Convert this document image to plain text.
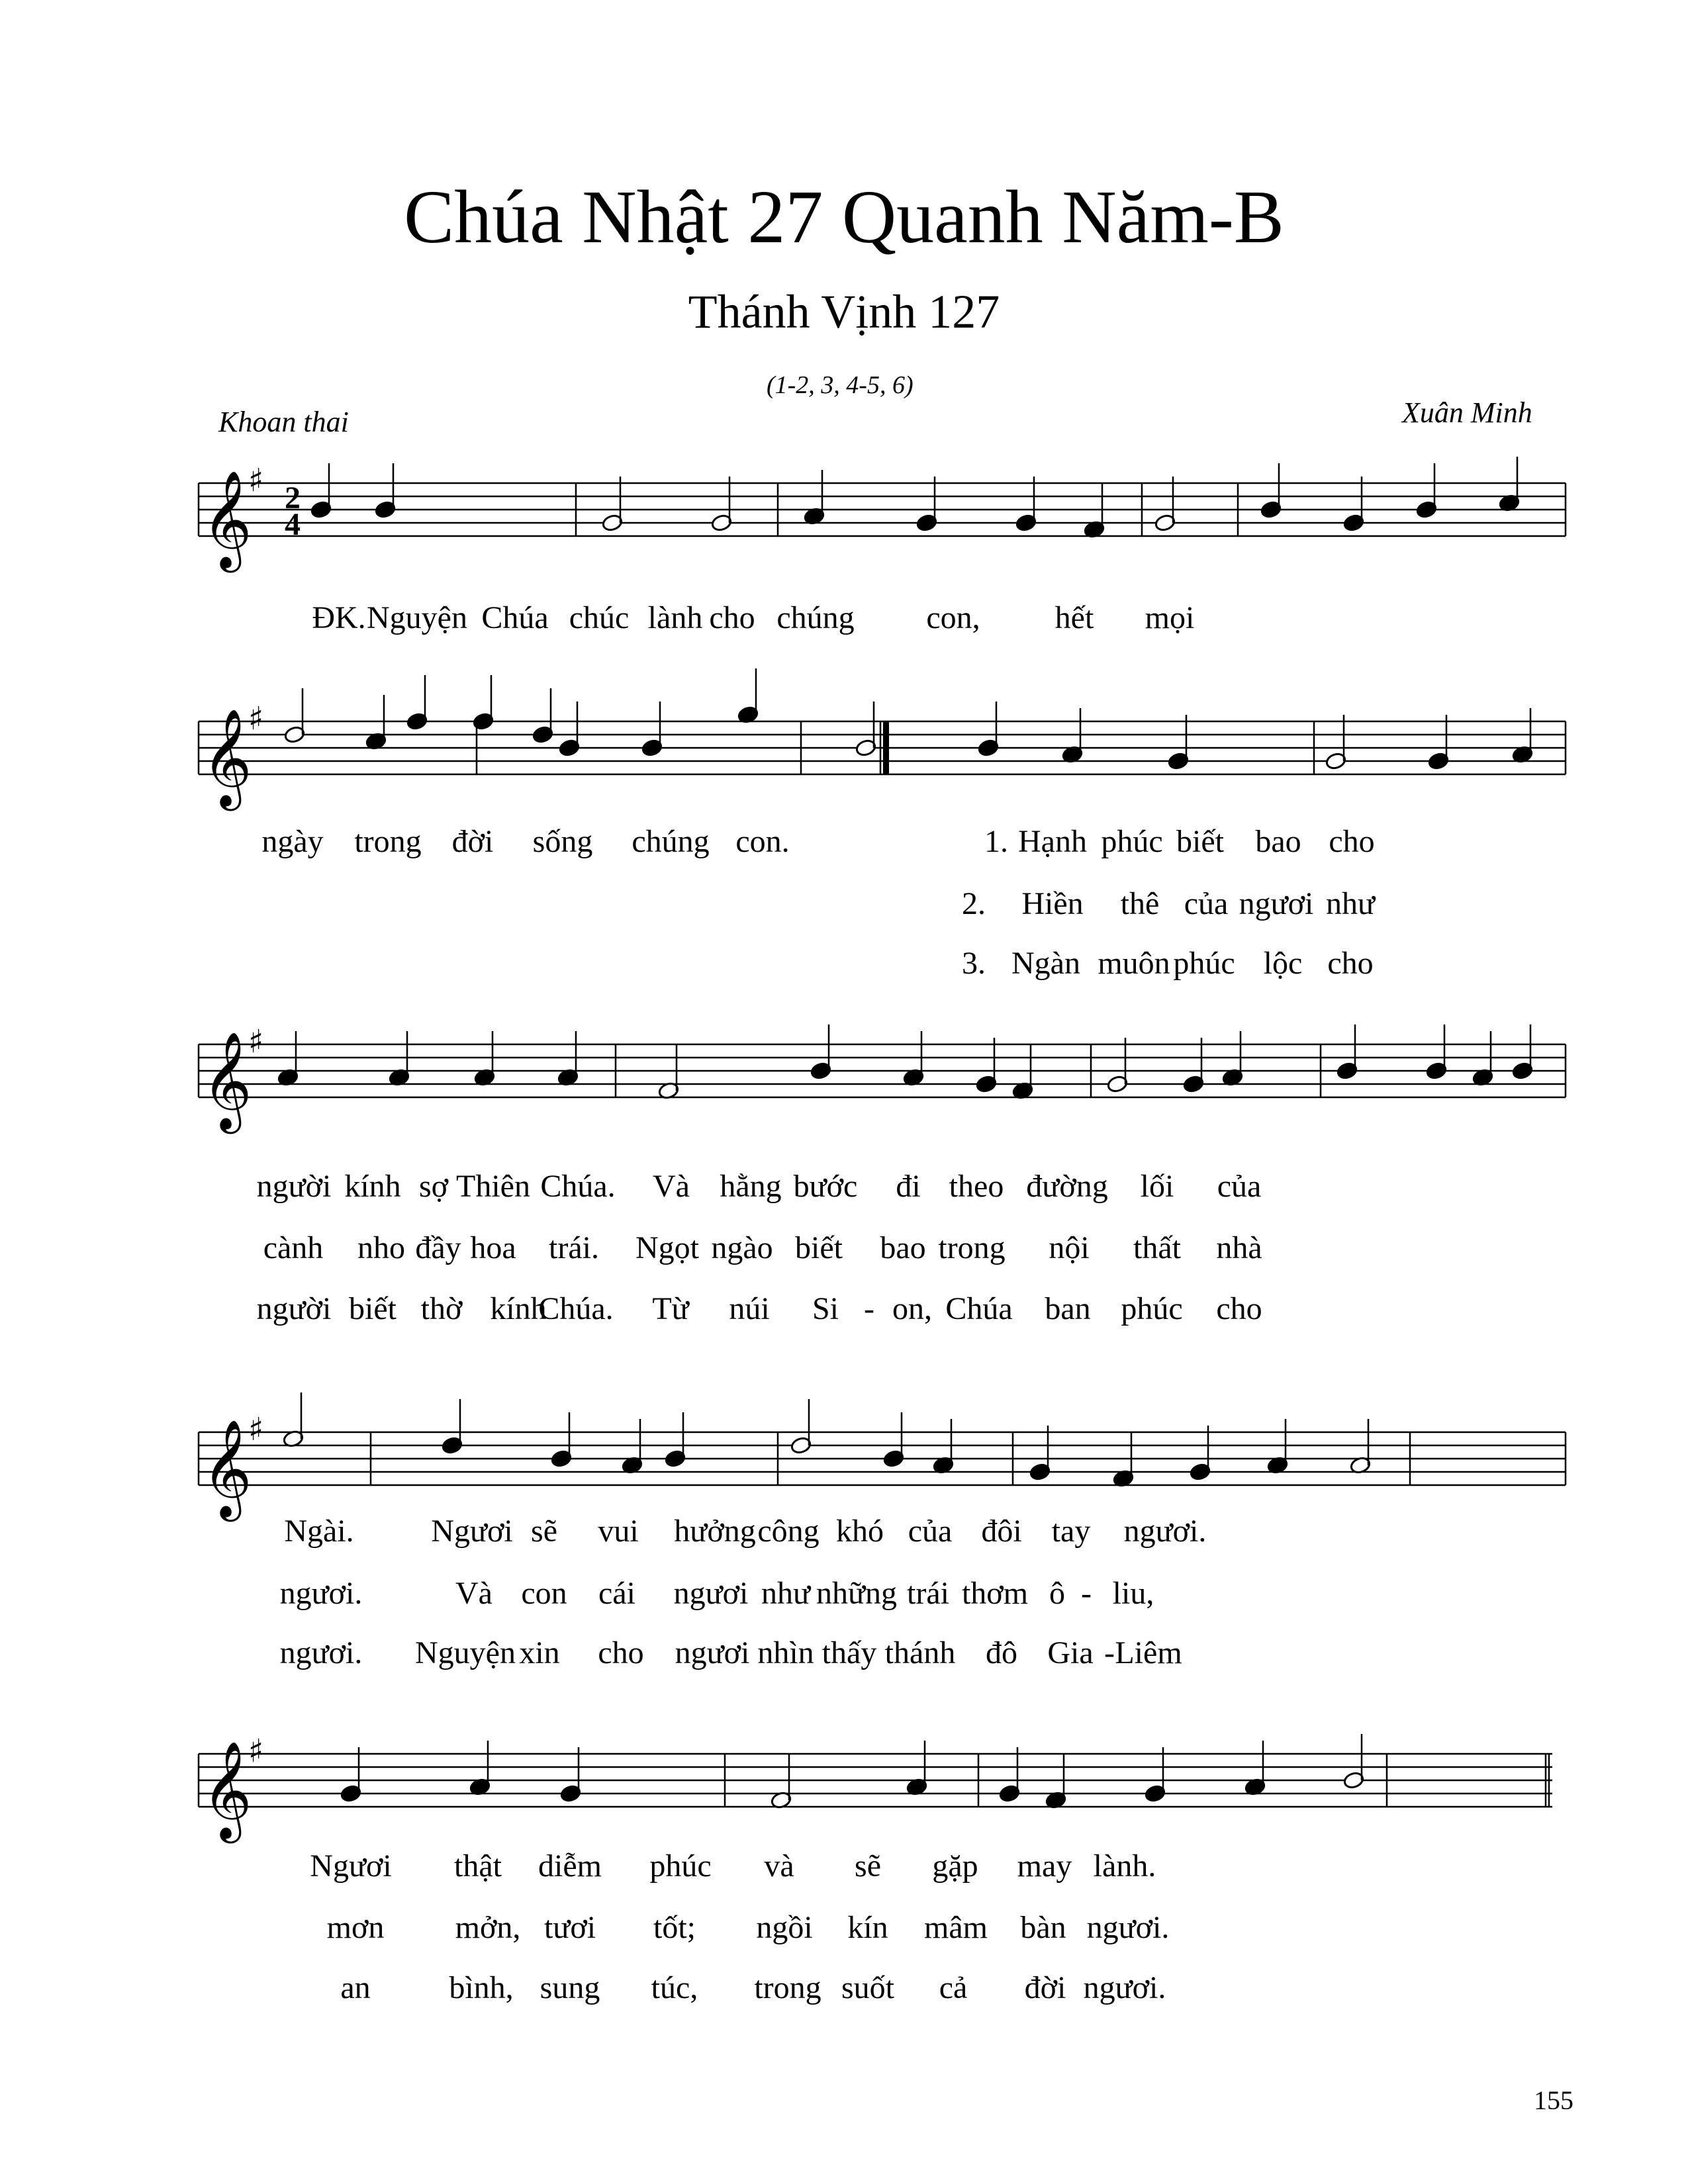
Chúa Nhật 27 Quanh Năm-B
Thánh Vịnh 127
(1-2, 3, 4-5, 6)
Khoan thai	Xuân Minh
𝄞
♯ 2
4
𝄞
♯
𝄞
♯
𝄞
♯
𝄞
♯
ĐK. Nguyện Chúa chúc lành cho chúng con, hết mọi
ngày trong đời sống chúng con.	1. Hạnh phúc biết bao cho
2. Hiền thê của ngươi như
3. Ngàn muôn phúc lộc cho
người kính sợ Thiên Chúa. Và hằng bước đi theo đường lối của
cành nho đầy hoa trái. Ngọt ngào biết bao trong nội thất nhà
người biết thờ kính
Chúa. Từ núi Si - on, Chúa ban phúc cho
Ngài. Ngươi sẽ vui hưởng công khó của đôi tay ngươi.
ngươi.	Và con cái ngươi như những trái thơm ô - liu,
ngươi. Nguyện xin cho ngươi nhìn thấy thánh đô Gia - Liêm
Ngươi thật diễm phúc và sẽ gặp may lành.
mơn mởn, tươi tốt; ngồi kín mâm bàn ngươi.
an bình, sung túc, trong suốt cả đời ngươi.
155
